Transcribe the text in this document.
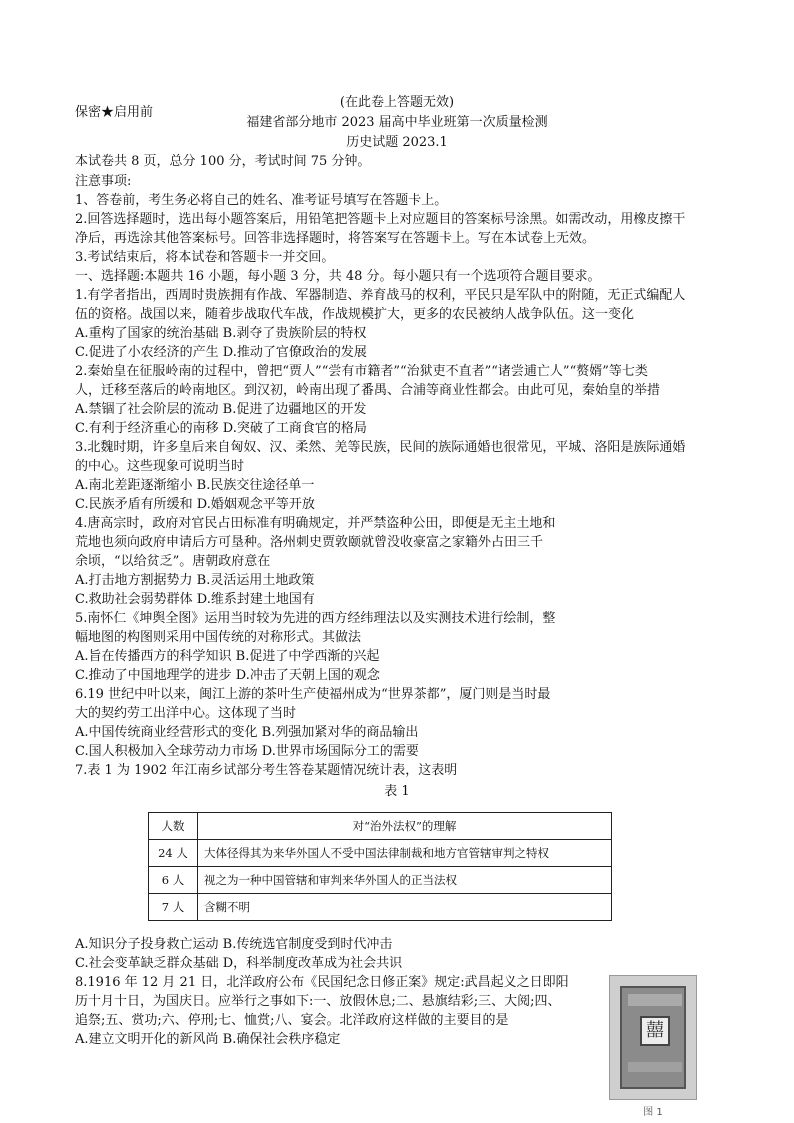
保密★启用前
(在此卷上答题无效)
福建省部分地市 2023 届高中毕业班第一次质量检测
历史试题 2023.1
本试卷共 8 页，总分 100 分，考试时间 75 分钟。
注意事项:
1、答卷前，考生务必将自己的姓名、准考证号填写在答题卡上。
2.回答选择题时，选出每小题答案后，用铅笔把答题卡上对应题目的答案标号涂黑。如需改动，用橡皮擦干
净后，再选涂其他答案标号。回答非选择题时，将答案写在答题卡上。写在本试卷上无效。
3.考试结束后，将本试卷和答题卡一并交回。
一、选择题:本题共 16 小题，每小题 3 分，共 48 分。每小题只有一个选项符合题目要求。
1.有学者指出，西周时贵族拥有作战、军器制造、养育战马的权利，平民只是军队中的附随，无正式编配人
伍的资格。战国以来，随着步战取代车战，作战规模扩大，更多的农民被纳人战争队伍。这一变化
A.重构了国家的统治基础 B.剥夺了贵族阶层的特权
C.促进了小农经济的产生 D.推动了官僚政治的发展
2.秦始皇在征服岭南的过程中，曾把“贾人”“尝有市籍者”“治狱吏不直者”“诸尝逋亡人”“赘婿”等七类
人，迁移至落后的岭南地区。到汉初，岭南出现了番禺、合浦等商业性都会。由此可见，秦始皇的举措
A.禁锢了社会阶层的流动 B.促进了边疆地区的开发
C.有利于经济重心的南移 D.突破了工商食官的格局
3.北魏时期，许多皇后来自匈奴、汉、柔然、羌等民族，民间的族际通婚也很常见，平城、洛阳是族际通婚
的中心。这些现象可说明当时
A.南北差距逐渐缩小 B.民族交往途径单一
C.民族矛盾有所缓和 D.婚姻观念平等开放
4.唐高宗时，政府对官民占田标准有明确规定，并严禁盗种公田，即便是无主土地和
荒地也须向政府申请后方可垦种。洛州刺史贾敦颐就曾没收豪富之家籍外占田三千
余顷，“以给贫乏”。唐朝政府意在
A.打击地方割据势力 B.灵活运用土地政策
C.救助社会弱势群体 D.维系封建土地国有
5.南怀仁《坤舆全图》运用当时较为先进的西方经纬理法以及实测技术进行绘制，整
幅地图的构图则采用中国传统的对称形式。其做法
A.旨在传播西方的科学知识 B.促进了中学西渐的兴起
C.推动了中国地理学的进步 D.冲击了天朝上国的观念
6.19 世纪中叶以来，闽江上游的茶叶生产使福州成为“世界茶都”，厦门则是当时最
大的契约劳工出洋中心。这体现了当时
A.中国传统商业经营形式的变化 B.列强加紧对华的商品输出
C.国人积极加入全球劳动力市场 D.世界市场国际分工的需要
7.表 1 为 1902 年江南乡试部分考生答卷某题情况统计表，这表明
表 1
人数	对“治外法权”的理解
24 人	大体径得其为来华外国人不受中国法律制裁和地方官管辖审判之特权
6 人	视之为一种中国管辖和审判来华外国人的正当法权
7 人	含糊不明
A.知识分子投身救亡运动 B.传统选官制度受到时代冲击
C.社会变革缺乏群众基础 D，科举制度改革成为社会共识
8.1916 年 12 月 21 日，北洋政府公布《民国纪念日修正案》规定:武昌起义之日即阳
历十月十日，为国庆日。应举行之事如下:一、放假休息;二、悬旗结彩;三、大阅;四、
追祭;五、赏功;六、停刑;七、恤赏;八、宴会。北洋政府这样做的主要目的是
A.建立文明开化的新风尚 B.确保社会秩序稳定	囍
图 1
